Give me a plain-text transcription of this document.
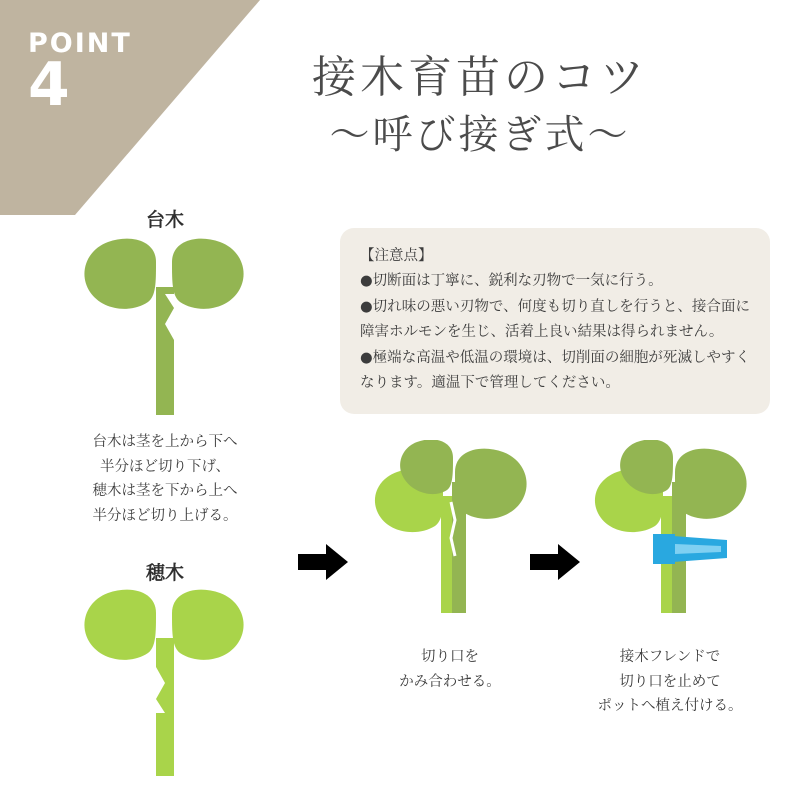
POINT
4	接木育苗のコツ
〜呼び接ぎ式〜
【注意点】
●切断面は丁寧に、鋭利な刃物で一気に行う。
●切れ味の悪い刃物で、何度も切り直しを行うと、接合面に障害ホルモンを生じ、活着上良い結果は得られません。
●極端な高温や低温の環境は、切削面の細胞が死滅しやすくなります。適温下で管理してください。
台木
台木は茎を上から下へ
半分ほど切り下げ、
穂木は茎を下から上へ
半分ほど切り上げる。
穂木
切り口を
かみ合わせる。
接木フレンドで
切り口を止めて
ポットへ植え付ける。
